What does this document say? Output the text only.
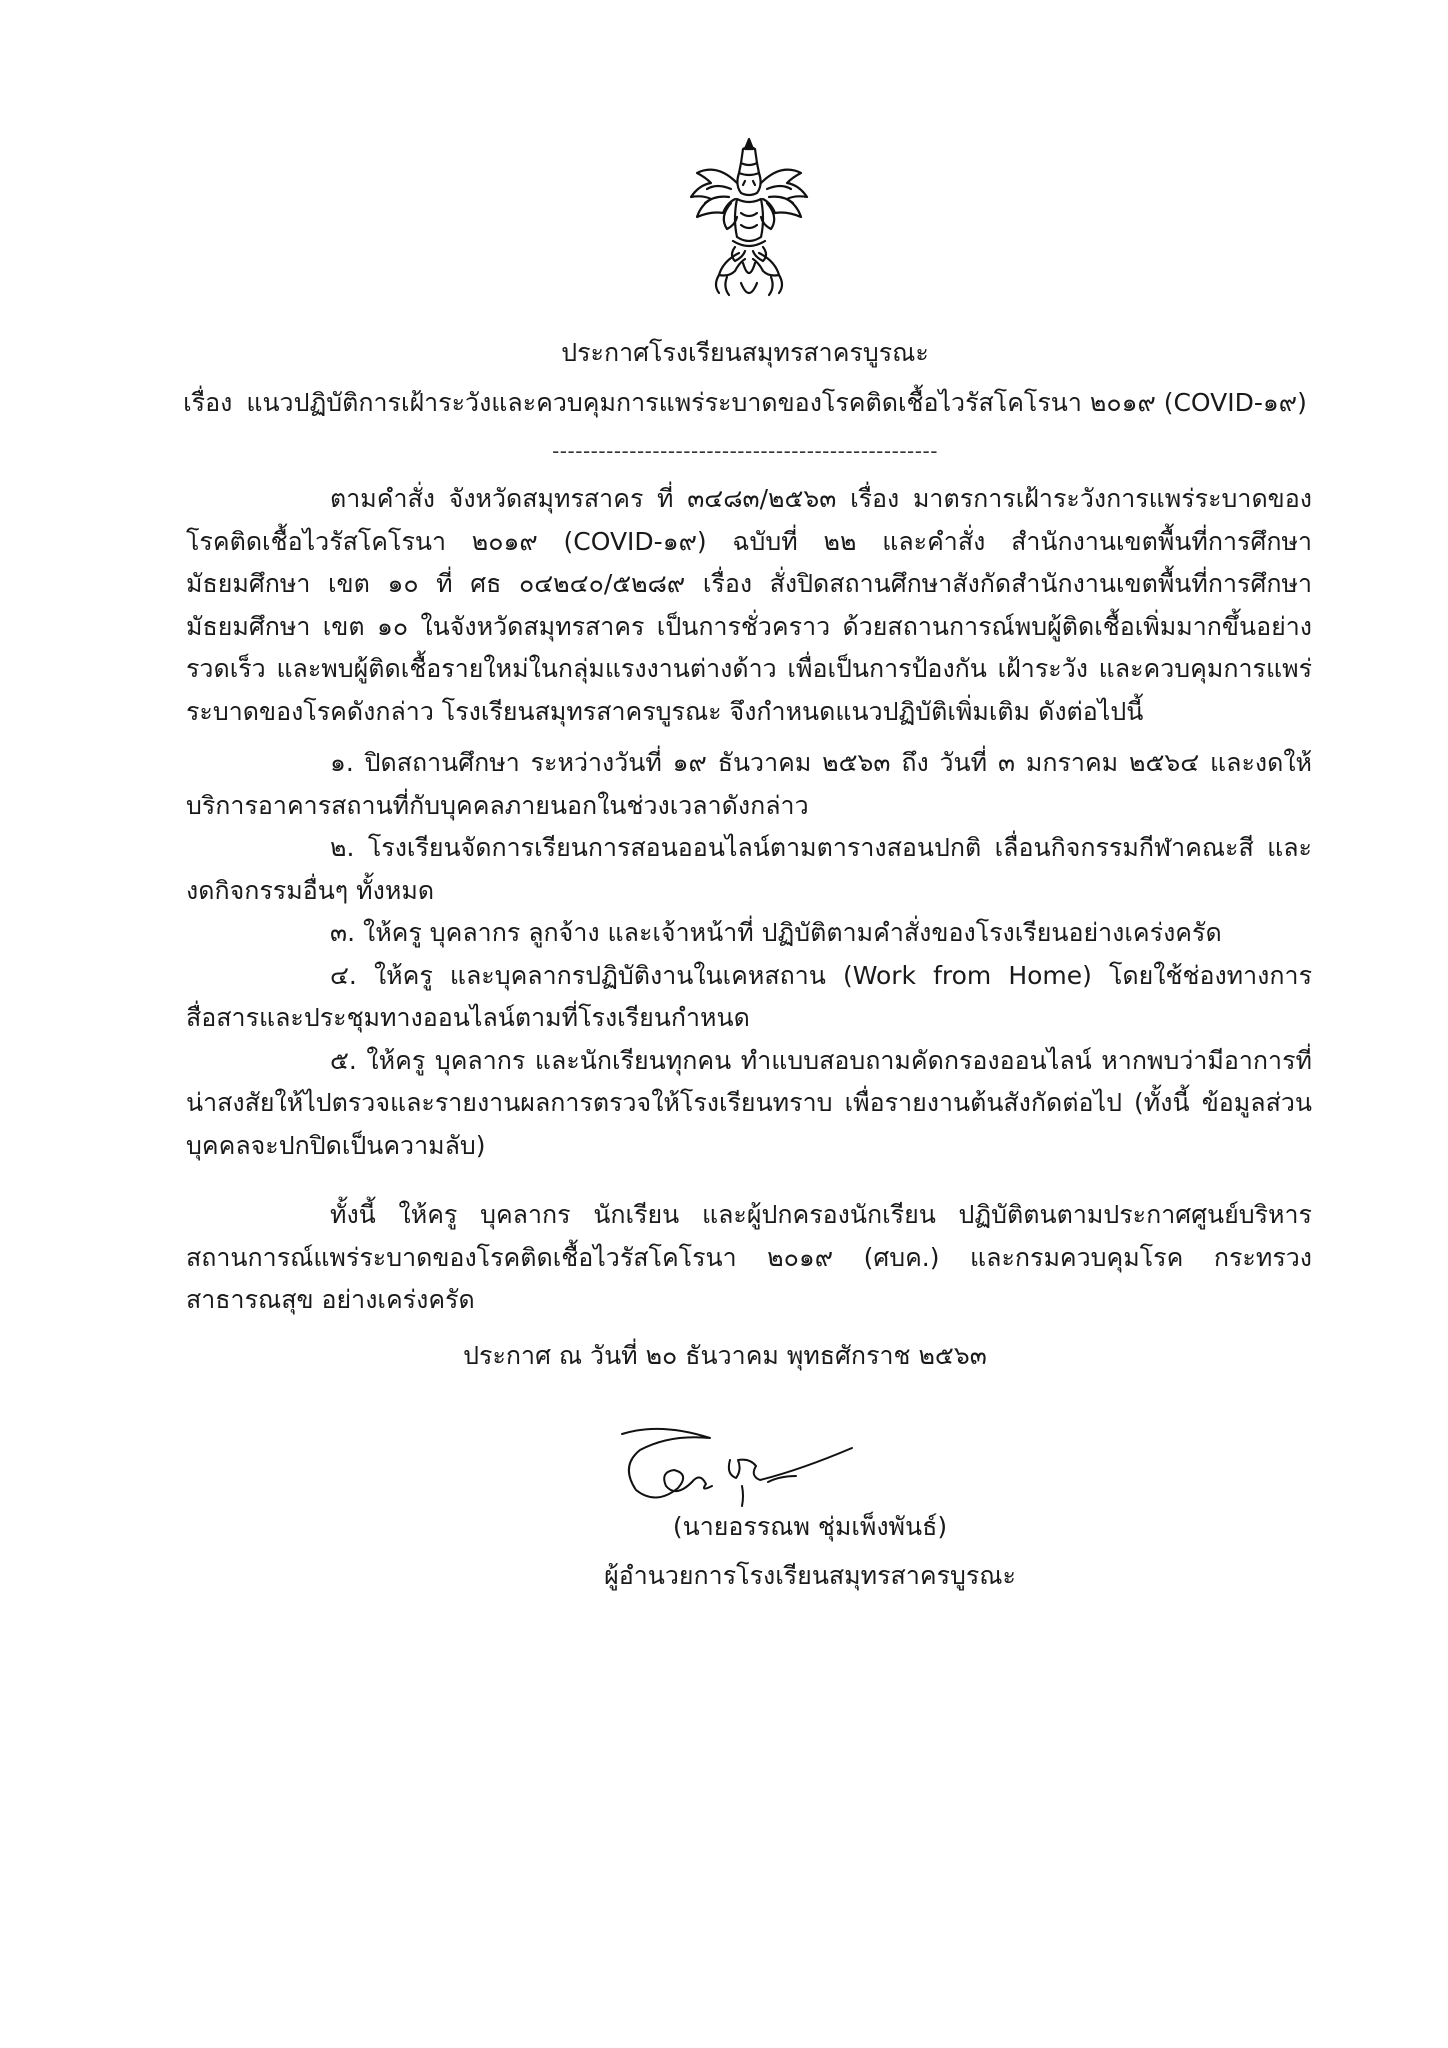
ประกาศโรงเรียนสมุทรสาครบูรณะ
เรื่อง แนวปฏิบัติการเฝ้าระวังและควบคุมการแพร่ระบาดของโรคติดเชื้อไวรัสโคโรนา ๒๐๑๙ (COVID-๑๙)
--------------------------------------------------

ตามคำสั่ง จังหวัดสมุทรสาคร ที่ ๓๔๘๓/๒๕๖๓ เรื่อง มาตรการเฝ้าระวังการแพร่ระบาดของโรคติดเชื้อไวรัสโคโรนา ๒๐๑๙ (COVID-๑๙) ฉบับที่ ๒๒ และคำสั่ง สำนักงานเขตพื้นที่การศึกษามัธยมศึกษา เขต ๑๐ ที่ ศธ ๐๔๒๔๐/๕๒๘๙ เรื่อง สั่งปิดสถานศึกษาสังกัดสำนักงานเขตพื้นที่การศึกษามัธยมศึกษา เขต ๑๐ ในจังหวัดสมุทรสาคร เป็นการชั่วคราว ด้วยสถานการณ์พบผู้ติดเชื้อเพิ่มมากขึ้นอย่างรวดเร็ว และพบผู้ติดเชื้อรายใหม่ในกลุ่มแรงงานต่างด้าว เพื่อเป็นการป้องกัน เฝ้าระวัง และควบคุมการแพร่ระบาดของโรคดังกล่าว โรงเรียนสมุทรสาครบูรณะ จึงกำหนดแนวปฏิบัติเพิ่มเติม ดังต่อไปนี้

๑. ปิดสถานศึกษา ระหว่างวันที่ ๑๙ ธันวาคม ๒๕๖๓ ถึง วันที่ ๓ มกราคม ๒๕๖๔ และงดให้บริการอาคารสถานที่กับบุคคลภายนอกในช่วงเวลาดังกล่าว

๒. โรงเรียนจัดการเรียนการสอนออนไลน์ตามตารางสอนปกติ เลื่อนกิจกรรมกีฬาคณะสี และงดกิจกรรมอื่นๆ ทั้งหมด

๓. ให้ครู บุคลากร ลูกจ้าง และเจ้าหน้าที่ ปฏิบัติตามคำสั่งของโรงเรียนอย่างเคร่งครัด

๔. ให้ครู และบุคลากรปฏิบัติงานในเคหสถาน (Work from Home) โดยใช้ช่องทางการสื่อสารและประชุมทางออนไลน์ตามที่โรงเรียนกำหนด

๕. ให้ครู บุคลากร และนักเรียนทุกคน ทำแบบสอบถามคัดกรองออนไลน์ หากพบว่ามีอาการที่น่าสงสัยให้ไปตรวจและรายงานผลการตรวจให้โรงเรียนทราบ เพื่อรายงานต้นสังกัดต่อไป (ทั้งนี้ ข้อมูลส่วนบุคคลจะปกปิดเป็นความลับ)

ทั้งนี้ ให้ครู บุคลากร นักเรียน และผู้ปกครองนักเรียน ปฏิบัติตนตามประกาศศูนย์บริหารสถานการณ์แพร่ระบาดของโรคติดเชื้อไวรัสโคโรนา ๒๐๑๙ (ศบค.) และกรมควบคุมโรค กระทรวงสาธารณสุข อย่างเคร่งครัด

ประกาศ ณ วันที่ ๒๐ ธันวาคม พุทธศักราช ๒๕๖๓
(นายอรรณพ ชุ่มเพ็งพันธ์)
ผู้อำนวยการโรงเรียนสมุทรสาครบูรณะ
